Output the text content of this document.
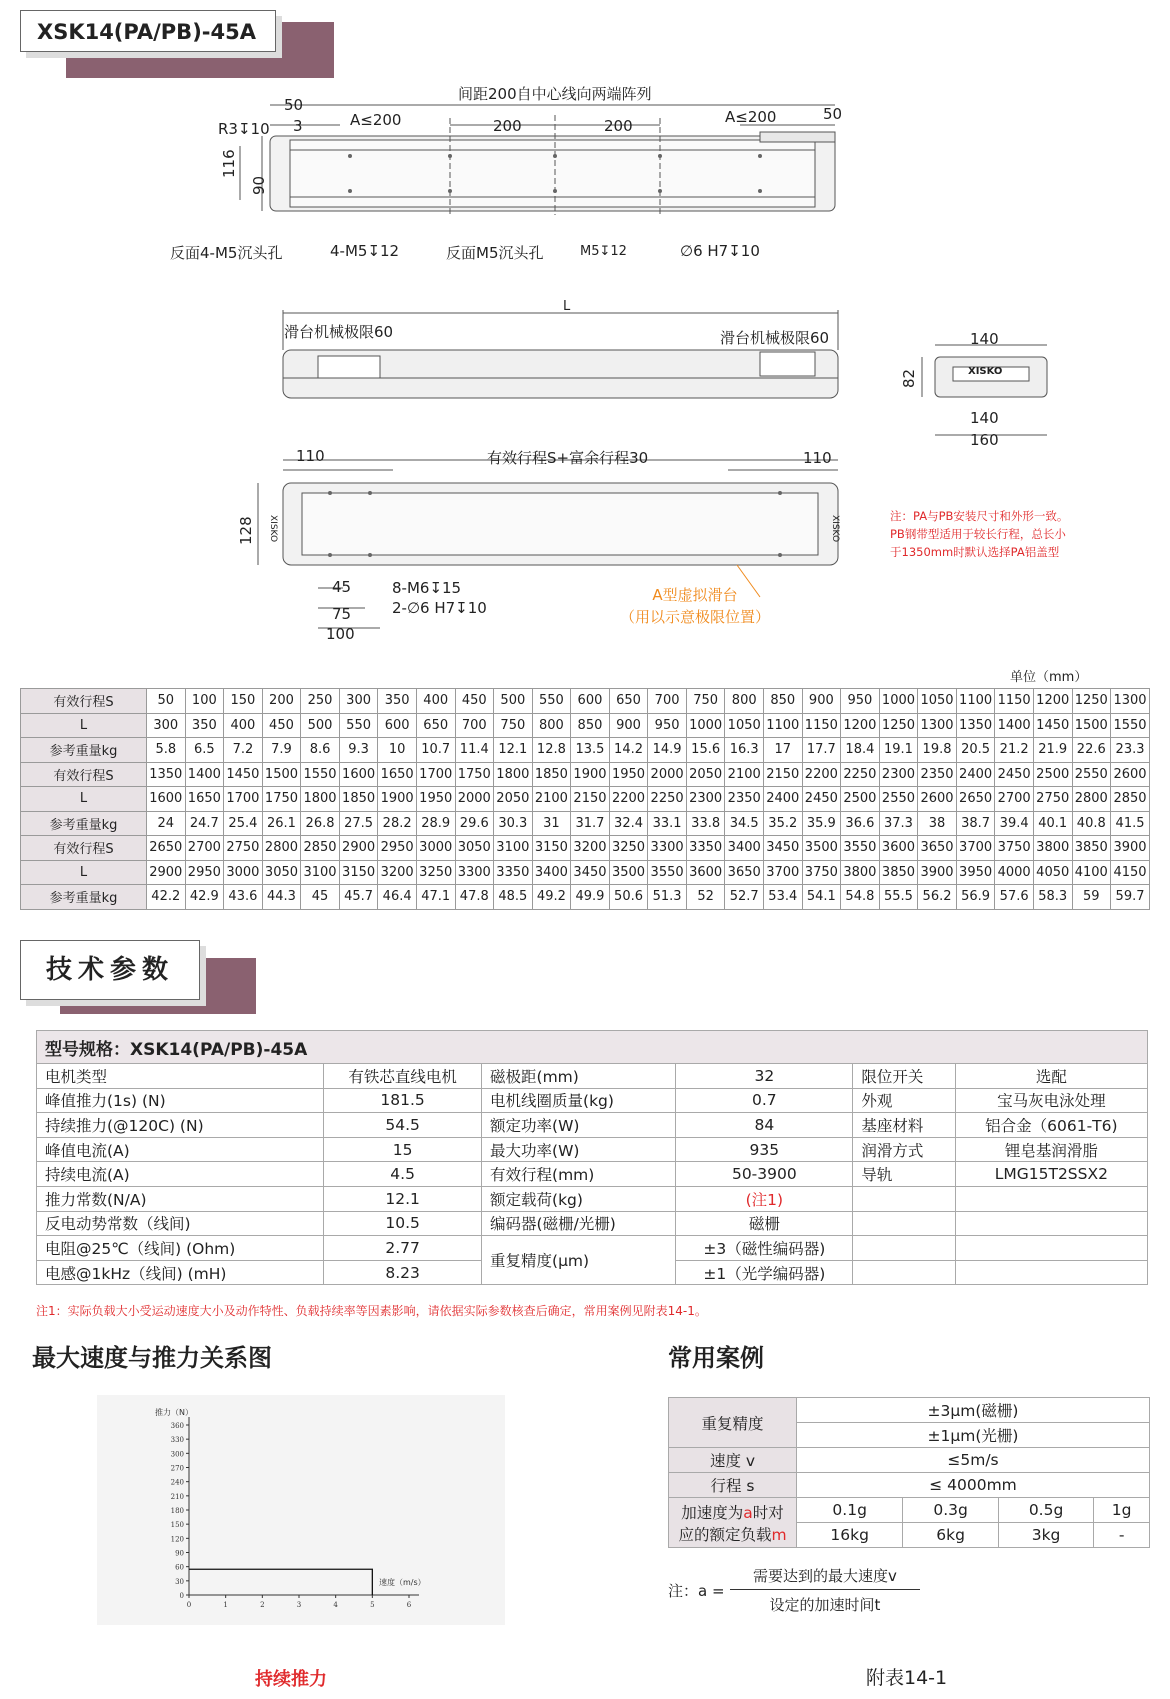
XSK14(PA/PB)-45A
间距200自中心线向两端阵列
50
3	A≤200	200	200	A≤200	50
R3↧10
116
90
反面4-M5沉头孔	4-M5↧12	反面M5沉头孔	M5↧12	∅6 H7↧10
L
滑台机械极限60	滑台机械极限60	140
82	XISKO
140
160
110	有效行程S+富余行程30	110
128 XISKO	XISKO
45
75
100
8-M6↧15
2-∅6 H7↧10
A型虚拟滑台
（用以示意极限位置）
注：PA与PB安装尺寸和外形一致。
PB钢带型适用于较长行程，总长小
于1350mm时默认选择PA铝盖型
单位（mm）
有效行程S	50	100	150	200	250	300	350	400	450	500	550	600	650	700	750	800	850	900	950	1000	1050	1100	1150	1200	1250	1300
L	300	350	400	450	500	550	600	650	700	750	800	850	900	950	1000	1050	1100	1150	1200	1250	1300	1350	1400	1450	1500	1550
参考重量kg	5.8	6.5	7.2	7.9	8.6	9.3	10	10.7	11.4	12.1	12.8	13.5	14.2	14.9	15.6	16.3	17	17.7	18.4	19.1	19.8	20.5	21.2	21.9	22.6	23.3
有效行程S	1350	1400	1450	1500	1550	1600	1650	1700	1750	1800	1850	1900	1950	2000	2050	2100	2150	2200	2250	2300	2350	2400	2450	2500	2550	2600
L	1600	1650	1700	1750	1800	1850	1900	1950	2000	2050	2100	2150	2200	2250	2300	2350	2400	2450	2500	2550	2600	2650	2700	2750	2800	2850
参考重量kg	24	24.7	25.4	26.1	26.8	27.5	28.2	28.9	29.6	30.3	31	31.7	32.4	33.1	33.8	34.5	35.2	35.9	36.6	37.3	38	38.7	39.4	40.1	40.8	41.5
有效行程S	2650	2700	2750	2800	2850	2900	2950	3000	3050	3100	3150	3200	3250	3300	3350	3400	3450	3500	3550	3600	3650	3700	3750	3800	3850	3900
L	2900	2950	3000	3050	3100	3150	3200	3250	3300	3350	3400	3450	3500	3550	3600	3650	3700	3750	3800	3850	3900	3950	4000	4050	4100	4150
参考重量kg	42.2	42.9	43.6	44.3	45	45.7	46.4	47.1	47.8	48.5	49.2	49.9	50.6	51.3	52	52.7	53.4	54.1	54.8	55.5	56.2	56.9	57.6	58.3	59	59.7
技术参数
型号规格：XSK14(PA/PB)-45A					
电机类型	有铁芯直线电机	磁极距(mm)	32	限位开关	选配
峰值推力(1s) (N)	181.5	电机线圈质量(kg)	0.7	外观	宝马灰电泳处理
持续推力(@120C) (N)	54.5	额定功率(W)	84	基座材料	铝合金（6061-T6)
峰值电流(A)	15	最大功率(W)	935	润滑方式	锂皂基润滑脂
持续电流(A)	4.5	有效行程(mm)	50-3900	导轨	LMG15T2SSX2
推力常数(N/A)	12.1	额定载荷(kg)	(注1)		
反电动势常数（线间)	10.5	编码器(磁栅/光栅)	磁栅		
电阻@25℃（线间) (Ohm)	2.77	重复精度(μm)	±3（磁性编码器)		
电感@1kHz（线间) (mH)	8.23		±1（光学编码器)		
注1：实际负载大小受运动速度大小及动作特性、负载持续率等因素影响，请依据实际参数核查后确定，常用案例见附表14-1。
最大速度与推力关系图
0
30
60
90
120
150
180
210
240
270
300
330
360
0	1	2	3	4	5	6
推力（N）
速度（m/s）
持续推力
常用案例
重复精度	±3μm(磁栅)			
	±1μm(光栅)			
速度 v	≤5m/s			
行程 s	≤ 4000mm			

加速度为a时对
应的额定负载m	0.1g	0.3g	0.5g	1g
	16kg	6kg	3kg	-
注：a =
需要达到的最大速度v
设定的加速时间t
附表14-1
